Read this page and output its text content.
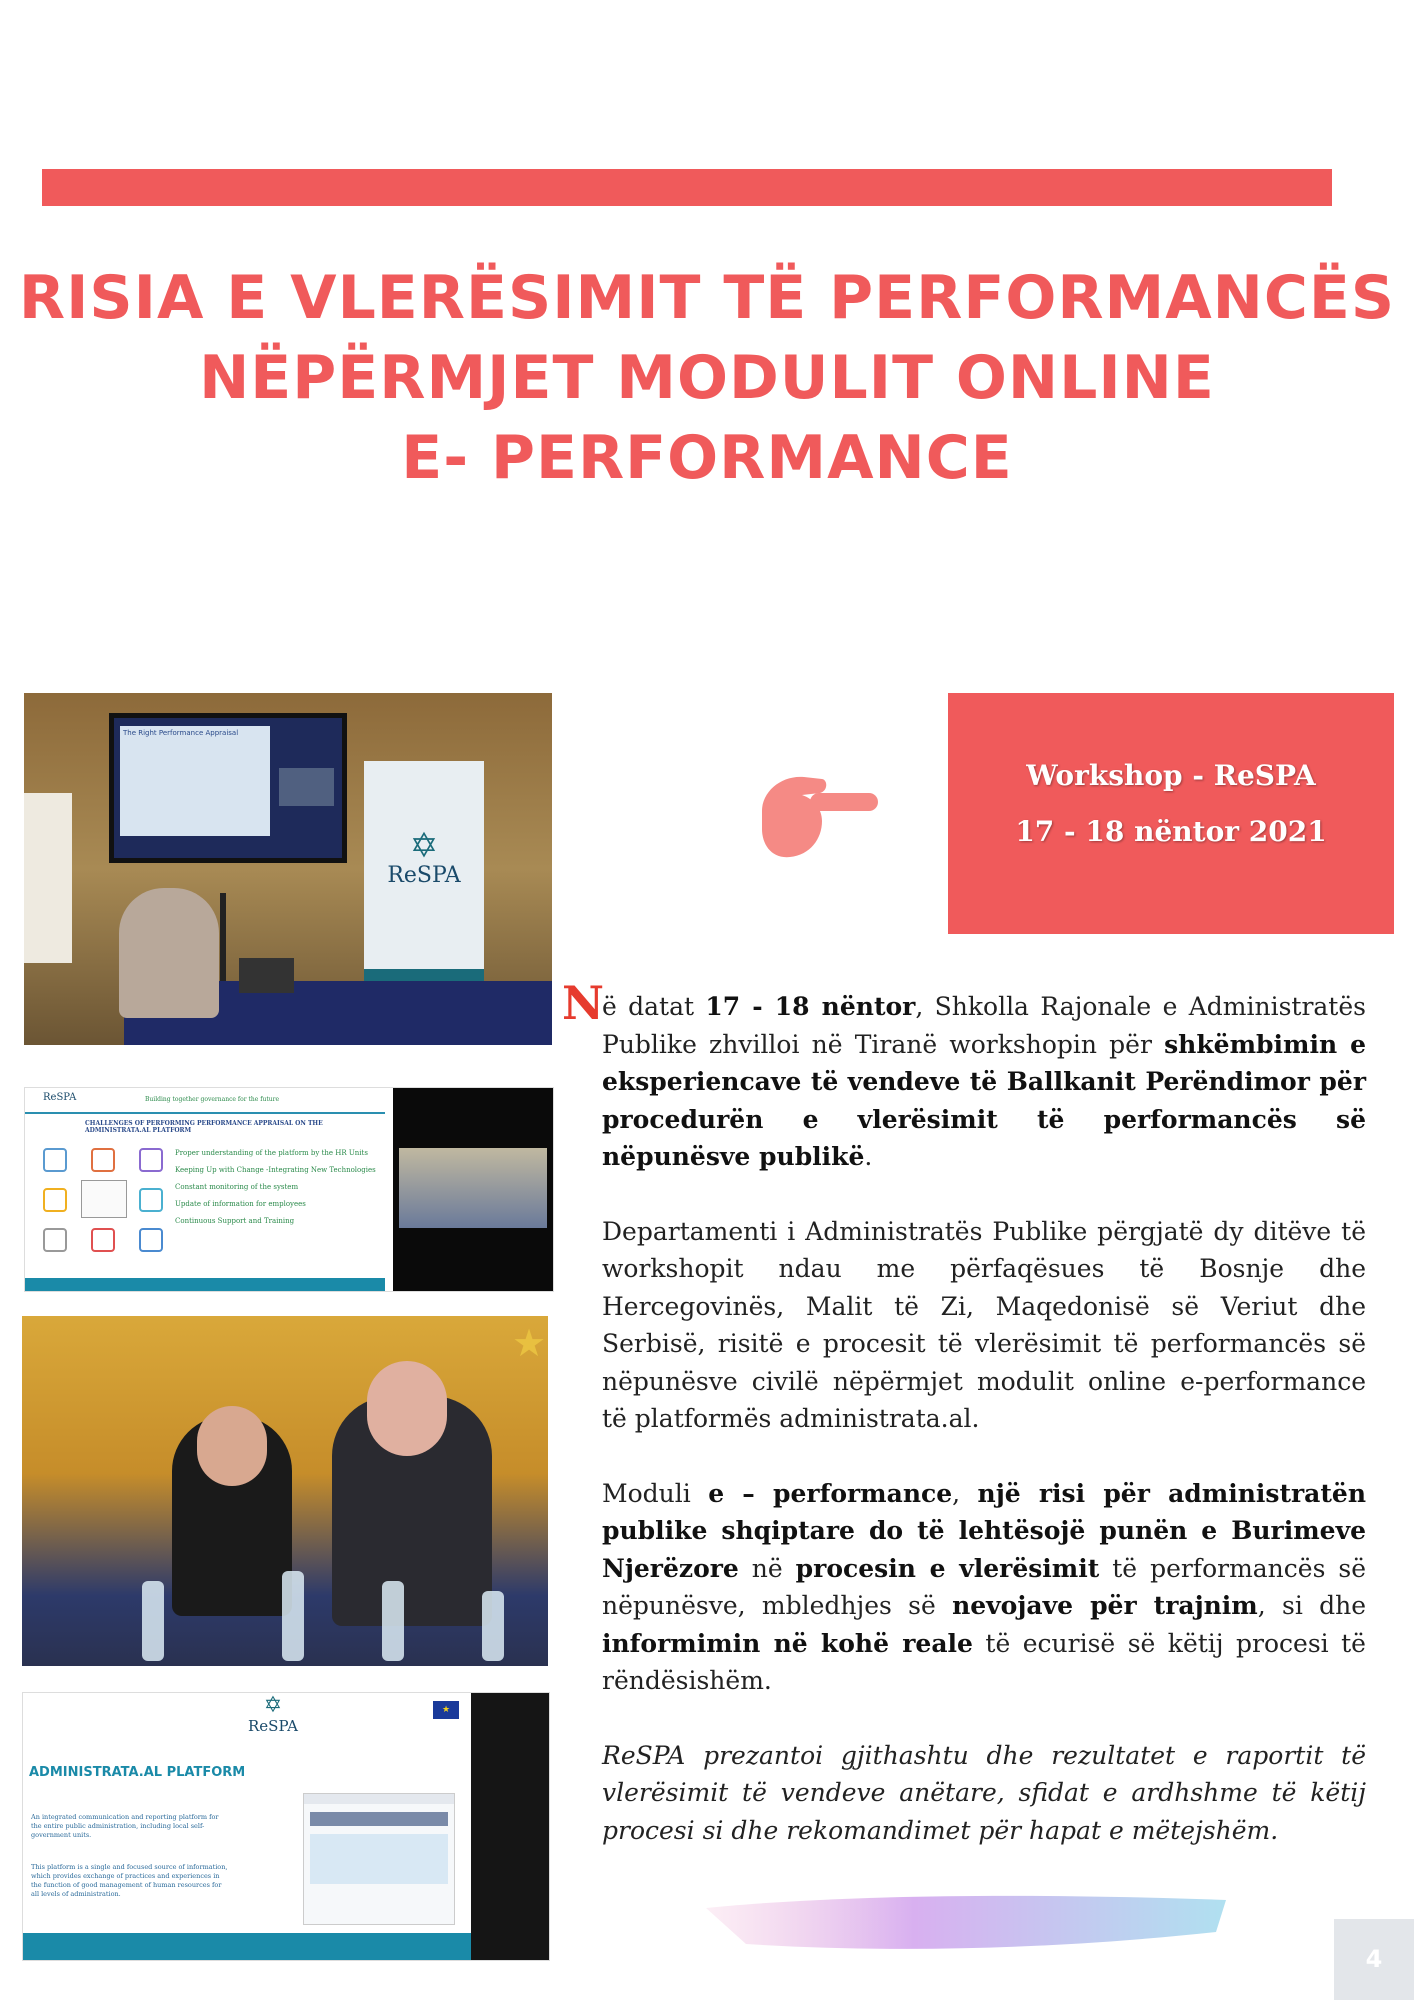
RISIA E VLERËSIMIT TË PERFORMANCËS
NËPËRMJET MODULIT ONLINE
E- PERFORMANCE
The Right Performance Appraisal
✡
ReSPA
ReSPA	Building together governance for the future
CHALLENGES OF PERFORMING PERFORMANCE APPRAISAL ON THE ADMINISTRATA.AL PLATFORM
Proper understanding of the platform by the HR Units
Keeping Up with Change -Integrating New Technologies
Constant monitoring of the system
Update of information for employees
Continuous Support and Training
★
✡
ReSPA
★
ADMINISTRATA.AL PLATFORM
An integrated communication and reporting platform for the entire public administration, including local self-government units.
This platform is a single and focused source of information, which provides exchange of practices and experiences in the function of good management of human resources for all levels of administration.
Workshop - ReSPA
17 - 18 nëntor 2021

N
ë datat 17 - 18 nëntor, Shkolla Rajonale e Administratës Publike zhvilloi në Tiranë workshopin për shkëmbimin e eksperiencave të vendeve të Ballkanit Perëndimor për procedurën e vlerësimit të performancës së nëpunësve publikë.

Departamenti i Administratës Publike përgjatë dy ditëve të workshopit ndau me përfaqësues të Bosnje dhe Hercegovinës, Malit të Zi, Maqedonisë së Veriut dhe Serbisë, risitë e procesit të vlerësimit të performancës së nëpunësve civilë nëpërmjet modulit online e-performance të platformës administrata.al.

Moduli e – performance, një risi për administratën publike shqiptare do të lehtësojë punën e Burimeve Njerëzore në procesin e vlerësimit të performancës së nëpunësve, mbledhjes së nevojave për trajnim, si dhe informimin në kohë reale të ecurisë së këtij procesi të rëndësishëm.

ReSPA prezantoi gjithashtu dhe rezultatet e raportit të vlerësimit të vendeve anëtare, sfidat e ardhshme të këtij procesi si dhe rekomandimet për hapat e mëtejshëm.

4
